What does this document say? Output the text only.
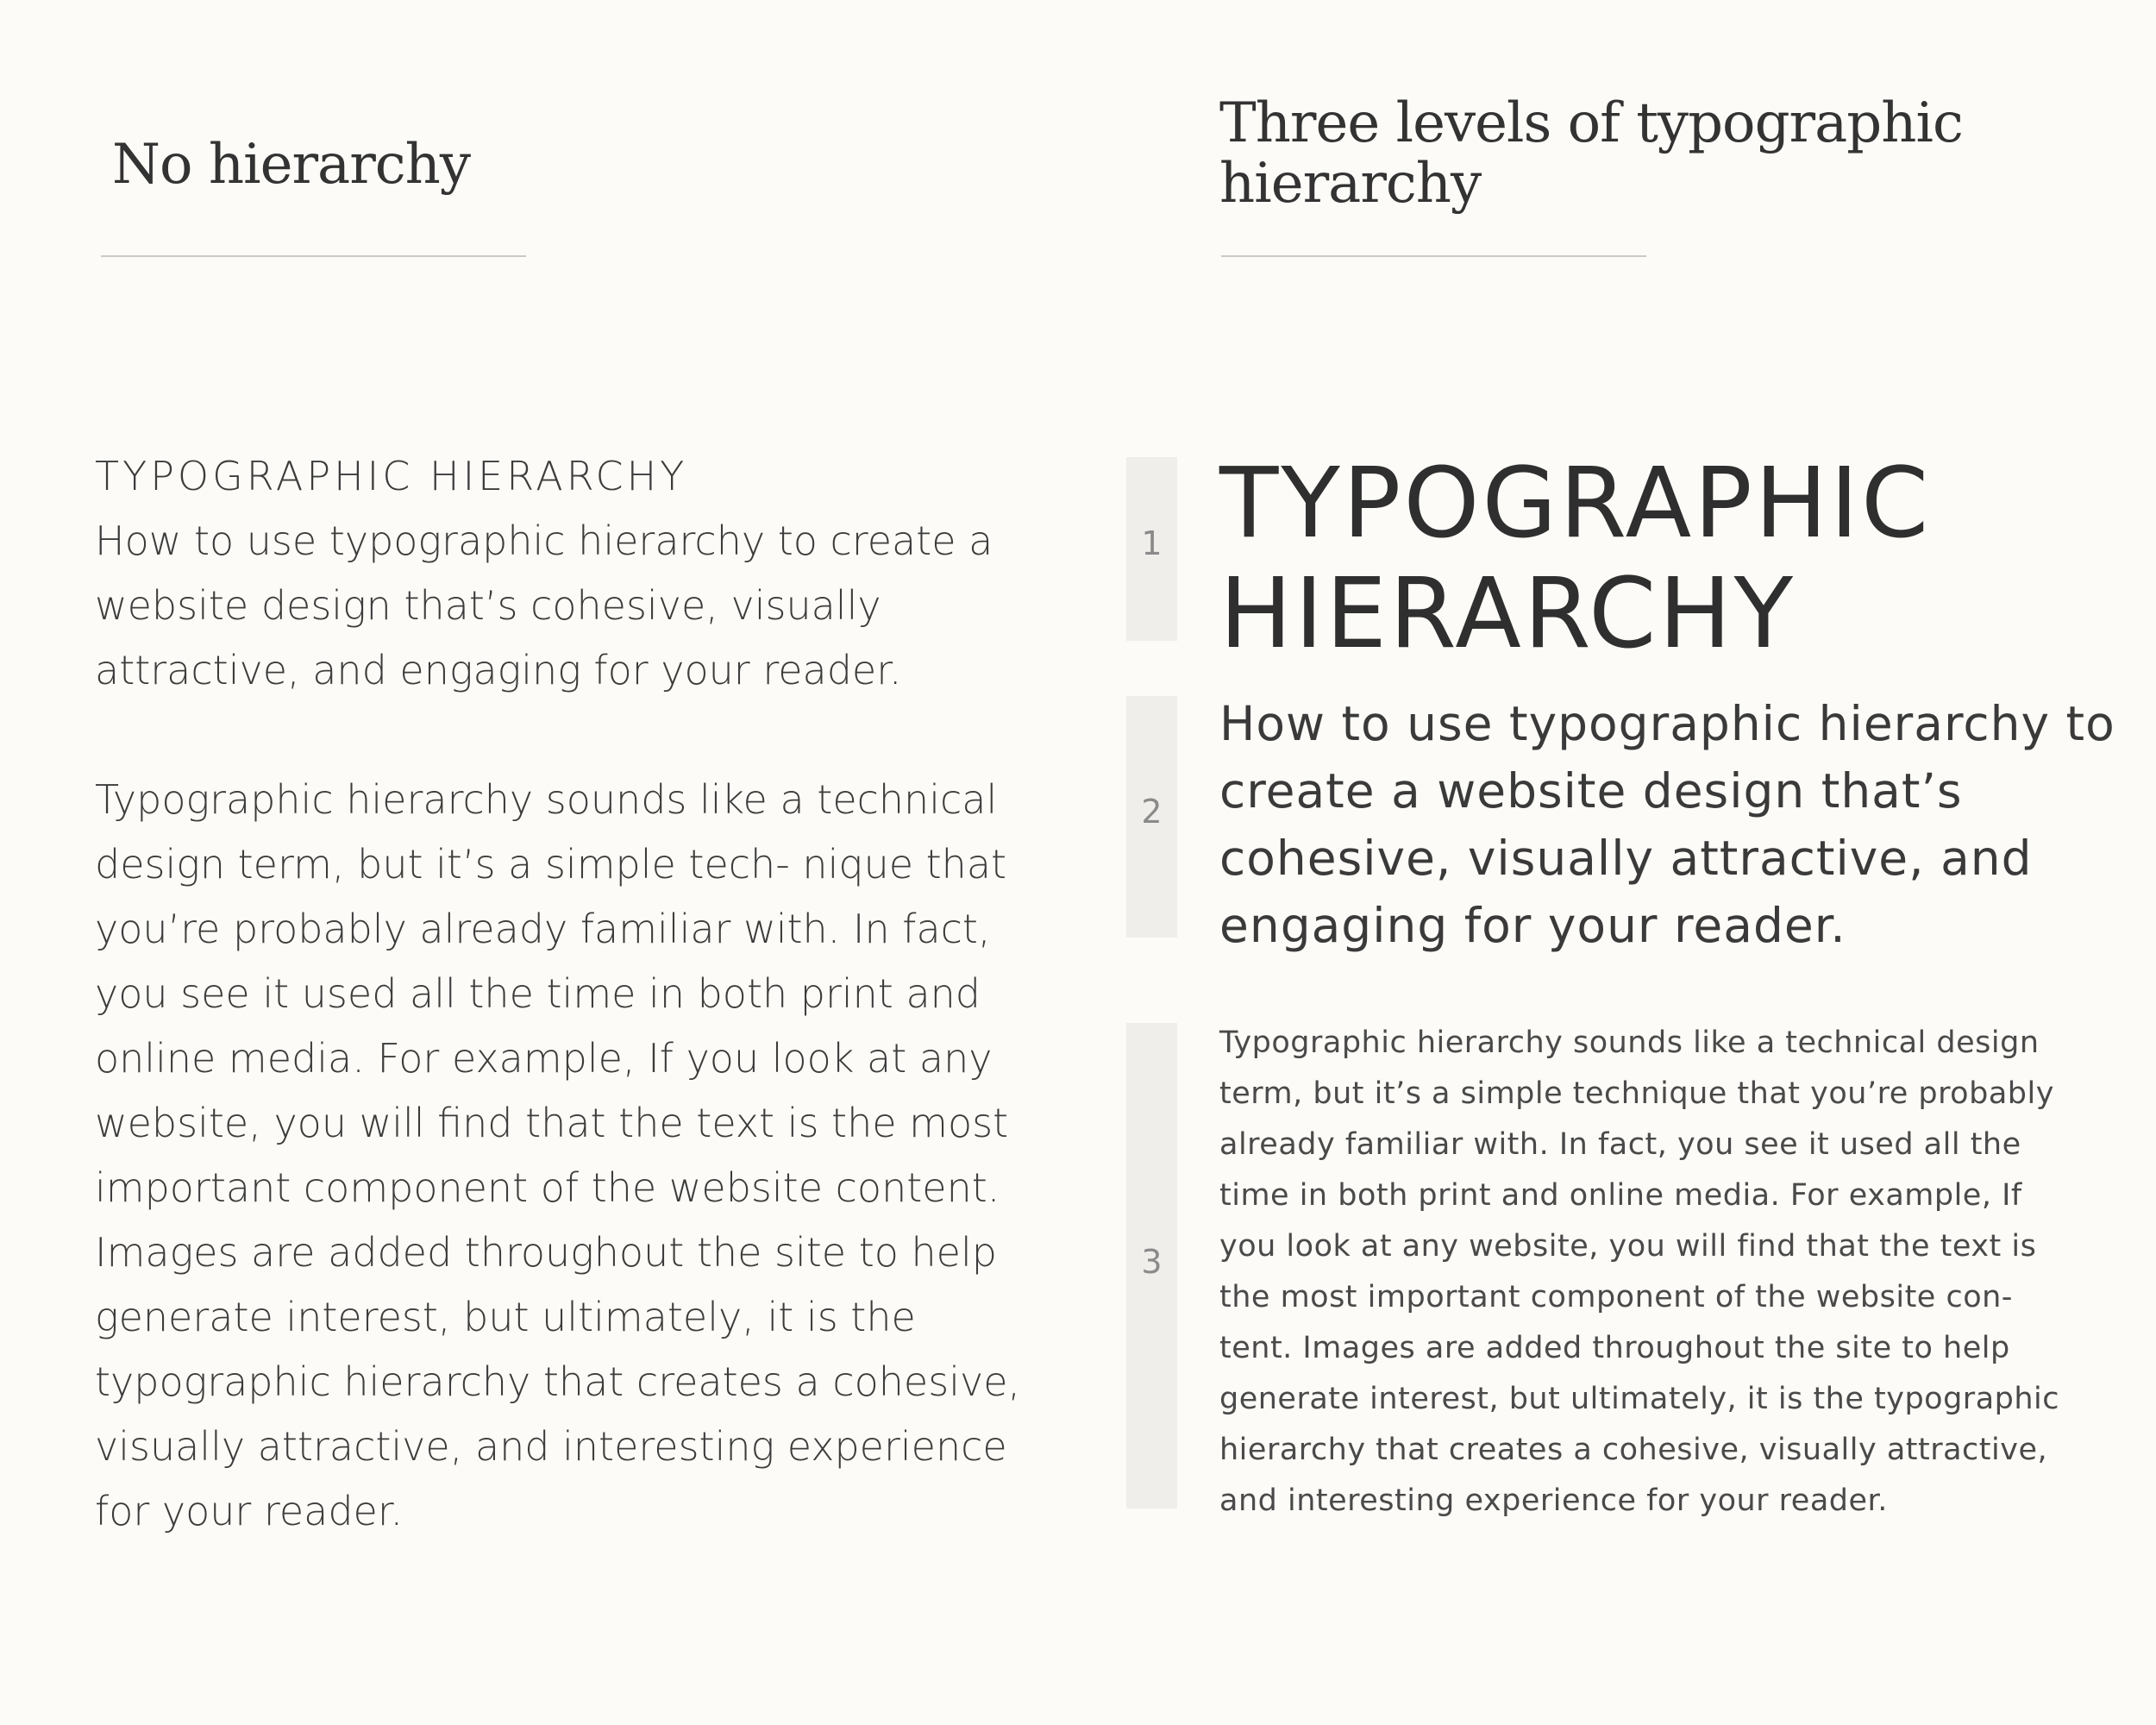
No hierarchy
Three levels of typographic hierarchy

TYPOGRAPHIC HIERARCHY

How to use typographic hierarchy to create a website design that’s cohesive, visually attractive, and engaging for your reader.

Typographic hierarchy sounds like a technical design term, but it’s a simple tech- nique that you’re probably already familiar with. In fact, you see it used all the time in both print and online media. For example, If you look at any website, you will find that the text is the most important component of the website content. Images are added throughout the site to help generate interest, but ultimately, it is the typographic hierarchy that creates a cohesive, visually attractive, and interesting experience for your reader.

1
2
3
TYPOGRAPHIC HIERARCHY

How to use typographic hierarchy to create a website design that’s cohesive, visually attractive, and engaging for your reader.

Typographic hierarchy sounds like a technical design term, but it’s a simple technique that you’re probably already familiar with. In fact, you see it used all the time in both print and online media. For example, If you look at any website, you will find that the text is the most important component of the website con- tent. Images are added throughout the site to help generate interest, but ultimately, it is the typographic hierarchy that creates a cohesive, visually attractive, and interesting experience for your reader.
